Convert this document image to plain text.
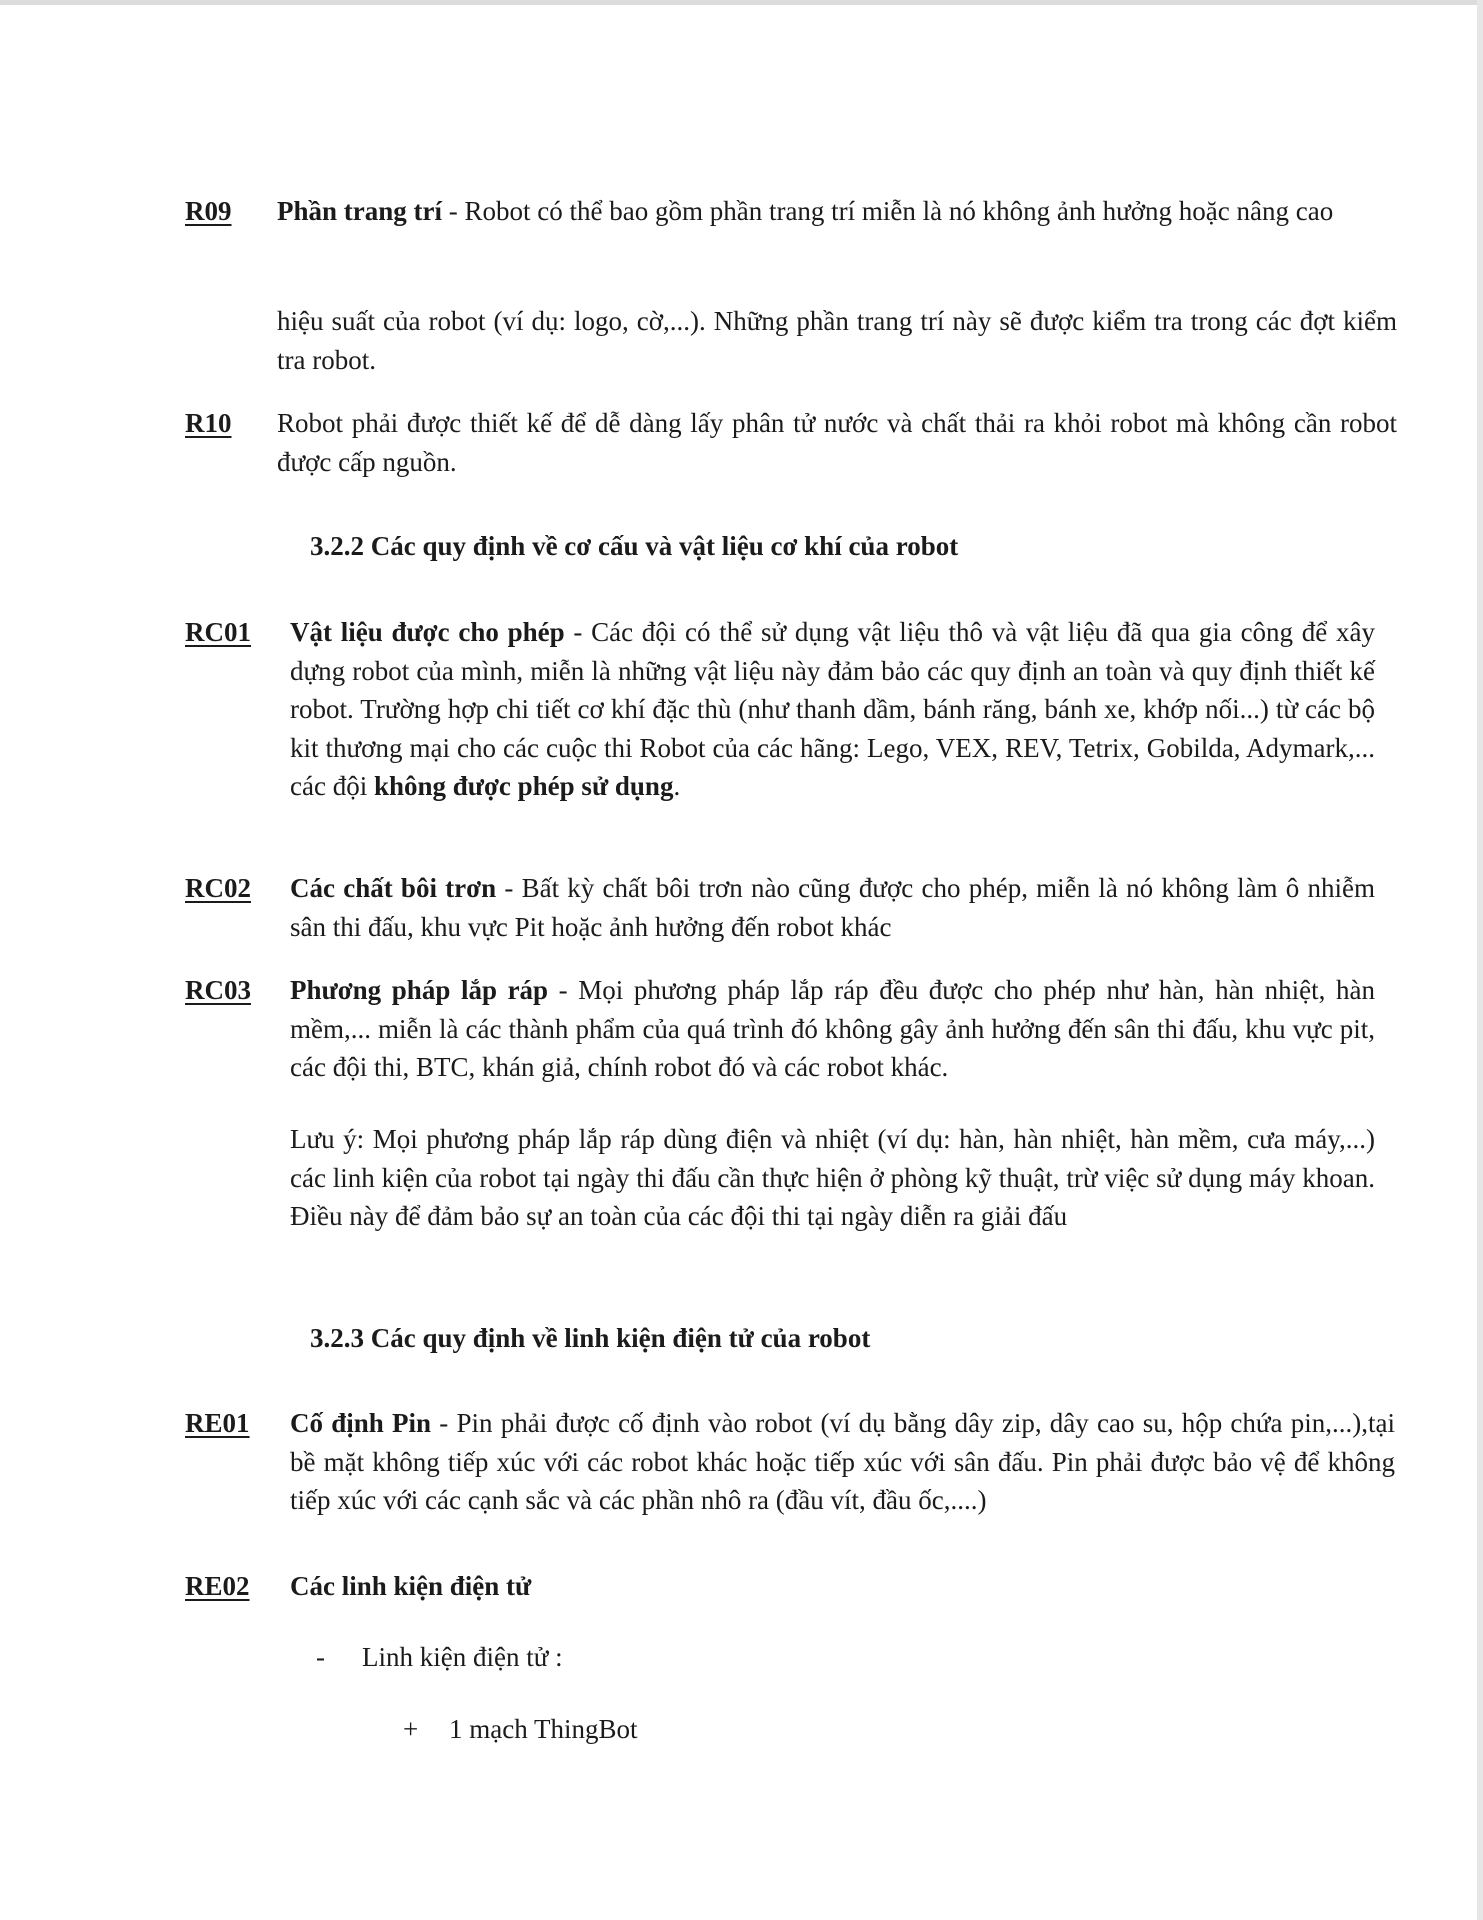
R09 Phần trang trí - Robot có thể bao gồm phần trang trí miễn là nó không ảnh hưởng hoặc nâng cao
hiệu suất của robot (ví dụ: logo, cờ,...). Những phần trang trí này sẽ được kiểm tra trong các đợt kiểm tra robot.
R10 Robot phải được thiết kế để dễ dàng lấy phân tử nước và chất thải ra khỏi robot mà không cần robot được cấp nguồn.
3.2.2 Các quy định về cơ cấu và vật liệu cơ khí của robot
RC01 Vật liệu được cho phép - Các đội có thể sử dụng vật liệu thô và vật liệu đã qua gia công để xây dựng robot của mình, miễn là những vật liệu này đảm bảo các quy định an toàn và quy định thiết kế robot. Trường hợp chi tiết cơ khí đặc thù (như thanh dầm, bánh răng, bánh xe, khớp nối...) từ các bộ kit thương mại cho các cuộc thi Robot của các hãng: Lego, VEX, REV, Tetrix, Gobilda, Adymark,... các đội không được phép sử dụng.
RC02 Các chất bôi trơn - Bất kỳ chất bôi trơn nào cũng được cho phép, miễn là nó không làm ô nhiễm sân thi đấu, khu vực Pit hoặc ảnh hưởng đến robot khác
RC03 Phương pháp lắp ráp - Mọi phương pháp lắp ráp đều được cho phép như hàn, hàn nhiệt, hàn mềm,... miễn là các thành phẩm của quá trình đó không gây ảnh hưởng đến sân thi đấu, khu vực pit, các đội thi, BTC, khán giả, chính robot đó và các robot khác.
Lưu ý: Mọi phương pháp lắp ráp dùng điện và nhiệt (ví dụ: hàn, hàn nhiệt, hàn mềm, cưa máy,...) các linh kiện của robot tại ngày thi đấu cần thực hiện ở phòng kỹ thuật, trừ việc sử dụng máy khoan. Điều này để đảm bảo sự an toàn của các đội thi tại ngày diễn ra giải đấu
3.2.3 Các quy định về linh kiện điện tử của robot
RE01 Cố định Pin - Pin phải được cố định vào robot (ví dụ bằng dây zip, dây cao su, hộp chứa pin,...),tại bề mặt không tiếp xúc với các robot khác hoặc tiếp xúc với sân đấu. Pin phải được bảo vệ để không tiếp xúc với các cạnh sắc và các phần nhô ra (đầu vít, đầu ốc,....)
RE02 Các linh kiện điện tử
- Linh kiện điện tử :
+ 1 mạch ThingBot
